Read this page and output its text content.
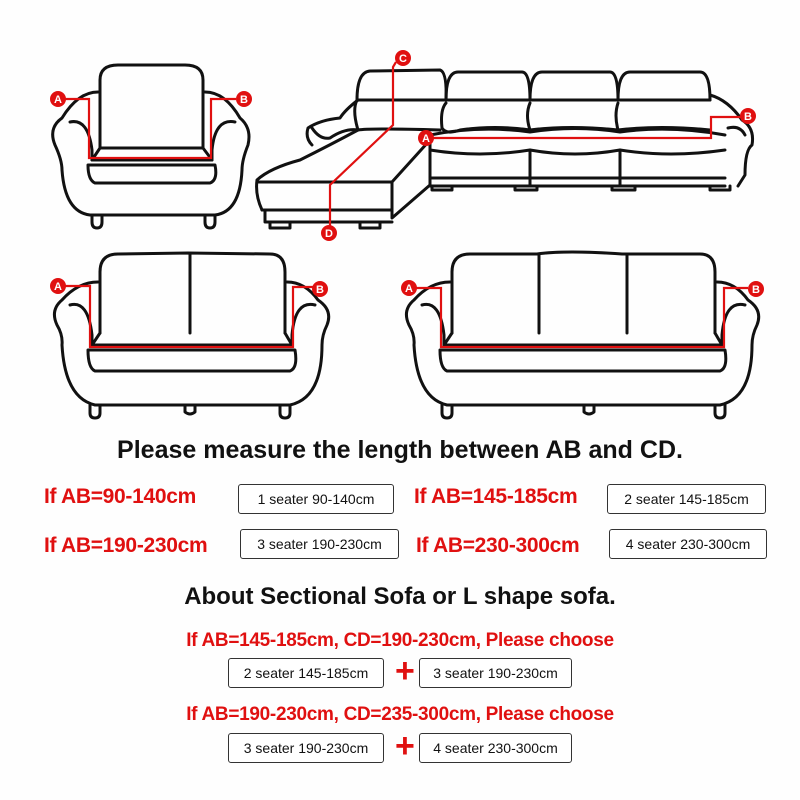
A	B
C
A
B
D
A	B	A	B
Please measure the length between AB and CD.
If AB=90-140cm	1 seater 90-140cm	If AB=145-185cm	2 seater 145-185cm
If AB=190-230cm	3 seater 190-230cm	If AB=230-300cm	4 seater 230-300cm
About Sectional Sofa or L shape sofa.
If AB=145-185cm, CD=190-230cm, Please choose
2 seater 145-185cm +	3 seater 190-230cm
If AB=190-230cm, CD=235-300cm, Please choose
3 seater 190-230cm +	4 seater 230-300cm
